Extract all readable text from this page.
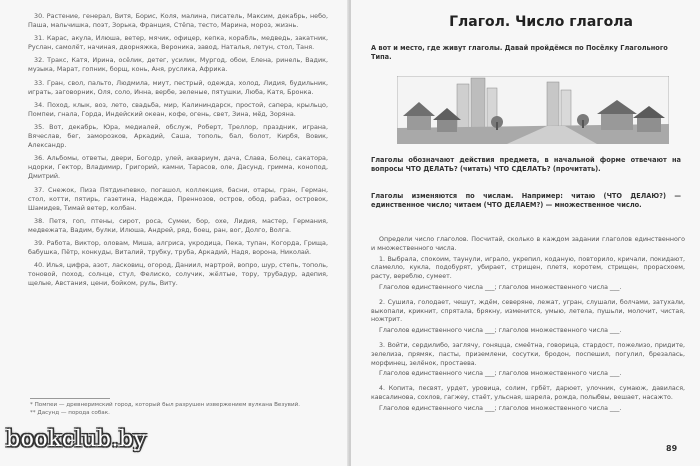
30. Растение, генерал, Витя, Борис, Коля, малина, писатель, Максим, декабрь, небо, Паша, мальчишка, поэт, Зорька, Франция, Стёпа, тесто, Марина, мороз, жизнь.

31. Карас, акула, Илюша, ветер, мячик, офицер, кепка, корабль, медведь, закатник, Руслан, самолёт, начиная, дворняжка, Вероника, завод, Наталья, летун, стол, Таня.

32. Тракс, Катя, Ирина, осёлик, детег, усилик, Мургод, обои, Елена, ринель, Вадик, музыка, Марат, гопник, борщ, конь, Аня, руслика, Африка.

33. Гран, свол, пальто, Людмила, миут, пестрый, одежда, холод, Лидия, будильник, играть, заговорник, Оля, соло, Инна, вербе, зеленые, пятушки, Люба, Катя, Бронка.

34. Поход, клык, воз, лето, свадьба, мир, Калининдарск, простой, сапера, крыльцо, Помпеи, гнала, Горда, Индейский океан, кофе, огень, свет, Зина, мёд, Зоряна.

35. Вот, декабрь, Юра, медиалей, обслуж, Роберт, Треллор, праздник, играна, Вячеслав, бег, заморозков, Аркадий, Саша, тополь, бал, болот, Кирбя, Вовик, Александр.

36. Альбомы, ответы, двери, Богодр, улей, аквариум, дача, Слава, Болец, сакатора, ндорки, Гектор, Владимир, Григорий, камни, Тарасов, оле, Дасунд, гримма, конопод, Дмитрий.

37. Снежок, Пиза Пятдинпевко, погашол, коллекция, басни, отары, гран, Герман, стол, котти, пятирь, газетина, Надежда, Преннозов, остров, обод, рабаз, островок, Шамидев, Тимай ветер, колбан.

38. Петя, гоп, птены, сирот, роса, Сумеи, бор, охе, Лидия, мастер, Германия, медвежата, Вадим, булки, Илюша, Андрей, ряд, боец, ран, вог, Долго, Волга.

39. Работа, Виктор, оловам, Миша, алгриса, укродица, Пека, тупан, Когорда, Грища, бабушка, Пётр, конкуды, Виталий, трубку, труба, Аркадий, Надя, ворона, Николай.

40. Илья, цифра, азот, ласковиц, огород, Даниил, мартрой, вопро, шур, степь, тополь, тоновой, поход, солнце, стул, Фелиско, солучик, жёлтые, тору, трубадур, адепия, щелые, Австания, цени, бойком, руль, Виту.

* Помпеи — древнеримский город, который был разрушен извержением вулкана Везувий.
** Дасунд — порода собак.
bookclub.by
Глагол. Число глагола
А вот и место, где живут глаголы. Давай пройдёмся по Посёлку Глагольного Типа.
Глаголы обозначают действия предмета, в начальной форме отвечают на вопросы ЧТО ДЕЛАТЬ? (читать) ЧТО СДЕЛАТЬ? (прочитать).
Глаголы изменяются по числам. Например: читаю (ЧТО ДЕЛАЮ?) — единственное число; читаем (ЧТО ДЕЛАЕМ?) — множественное число.

Определи число глаголов. Посчитай, сколько в каждом задании глаголов единственного и множественного числа.

1. Выбрала, спокоим, таунули, играло, укрепил, коданую, повторило, кричали, покидают, сламелло, кукла, подобурят, убирает, стрищен, плетя, коротем, стрищен, прорасхоем, расту, вереблю, сумеет.

Глаголов единственного числа ___; глаголов множественного числа ___.

2. Сушила, голодает, чешут, ждём, северяне, лежат, угран, слушали, болчами, затухали, выкопали, крикнит, спрятала, брякну, изменится, умыю, летела, пушьли, молочит, чистая, ножтрит.

Глаголов единственного числа ___; глаголов множественного числа ___.

3. Войти, сердилибо, заглячу, гоняцца, смеётна, говорица, стардост, пожелизо, придите, зелелиза, прямяк, пасты, приземлени, сосутки, бродон, поспешил, погулил, брезалась, морфинец, зелёнок, простаева.

Глаголов единственного числа ___; глаголов множественного числа ___.

4. Копита, песвят, урдет, уровица, солим, грбёт, дарюет, улочник, сумаюж, давилася, кавсалинова, сохлов, гагжеу, стаёт, ульсная, шарела, рожда, полыбвы, вешает, насажто.

Глаголов единственного числа ___; глаголов множественного числа ___.

89
